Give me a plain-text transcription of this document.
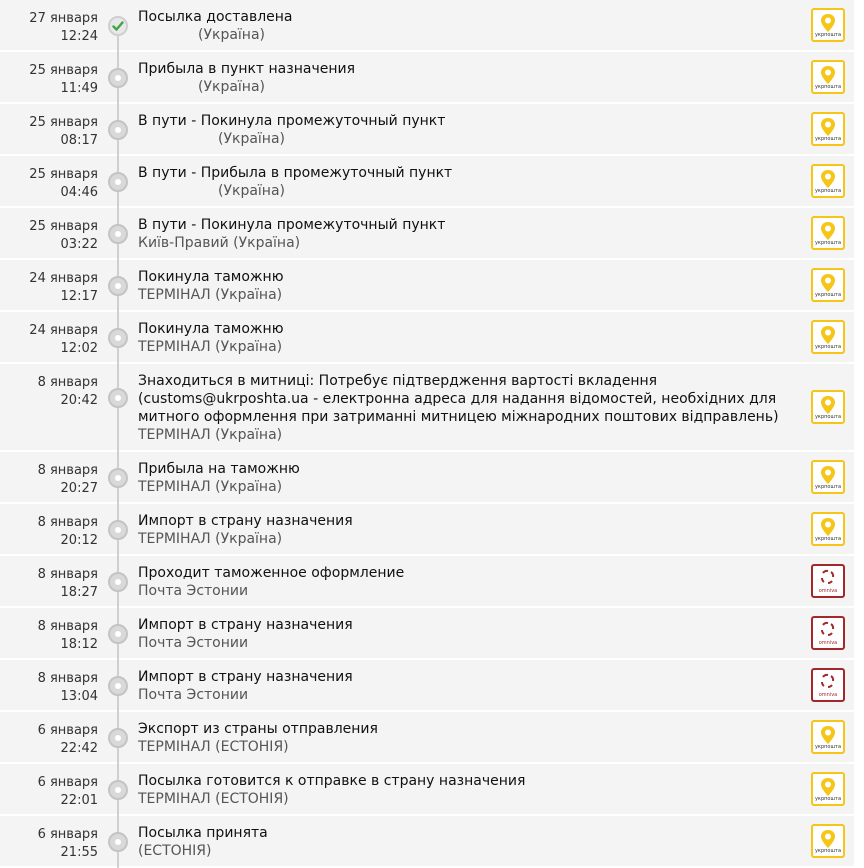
27 января
12:24
Посылка доставлена
(Україна)	укрпошта
25 января
11:49
Прибыла в пункт назначения
(Україна)	укрпошта
25 января
08:17
В пути - Покинула промежуточный пункт
(Україна)	укрпошта
25 января
04:46
В пути - Прибыла в промежуточный пункт
(Україна)	укрпошта
25 января
03:22
В пути - Покинула промежуточный пункт
Київ-Правий (Україна)	укрпошта
24 января
12:17
Покинула таможню
ТЕРМІНАЛ (Україна)	укрпошта
24 января
12:02
Покинула таможню
ТЕРМІНАЛ (Україна)	укрпошта
8 января
20:42
Знаходиться в митниці: Потребує підтвердження вартості вкладення (customs@ukrposhta.ua - електронна адреса для надання відомостей, необхідних для митного оформлення при затриманні митницею міжнародних поштових відправлень)
ТЕРМІНАЛ (Україна)
укрпошта
8 января
20:27
Прибыла на таможню
ТЕРМІНАЛ (Україна)	укрпошта
8 января
20:12
Импорт в страну назначения
ТЕРМІНАЛ (Україна)	укрпошта
8 января
18:27
Проходит таможенное оформление
Почта Эстонии	omniva
8 января
18:12
Импорт в страну назначения
Почта Эстонии	omniva
8 января
13:04
Импорт в страну назначения
Почта Эстонии	omniva
6 января
22:42
Экспорт из страны отправления
ТЕРМІНАЛ (ЕСТОНІЯ)	укрпошта
6 января
22:01
Посылка готовится к отправке в страну назначения
ТЕРМІНАЛ (ЕСТОНІЯ)	укрпошта
6 января
21:55
Посылка принята
(ЕСТОНІЯ)	укрпошта
